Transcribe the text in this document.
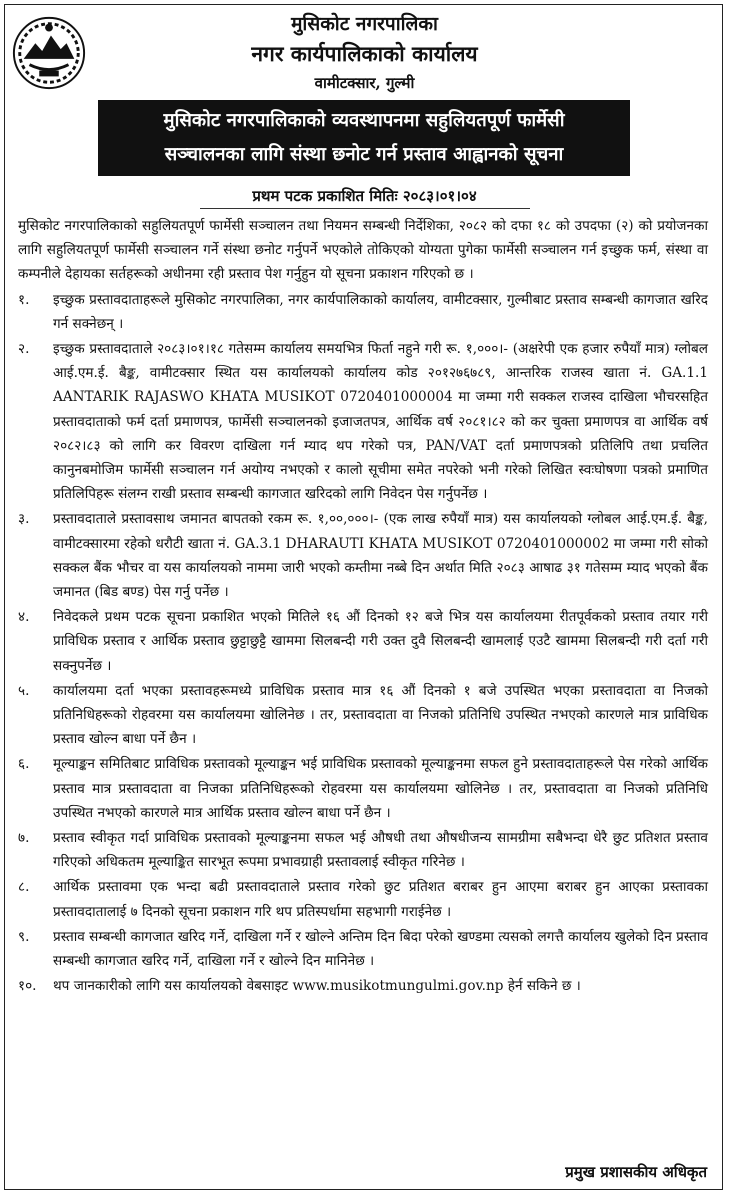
मुसिकोट नगरपालिका
नगर कार्यपालिकाको कार्यालय
वामीटक्सार, गुल्मी
मुसिकोट नगरपालिकाको व्यवस्थापनमा सहुलियतपूर्ण फार्मेसी
सञ्चालनका लागि संस्था छनोट गर्न प्रस्ताव आह्वानको सूचना
प्रथम पटक प्रकाशित मितिः २०८३।०१।०४

मुसिकोट नगरपालिकाको सहुलियतपूर्ण फार्मेसी सञ्चालन तथा नियमन सम्बन्धी निर्देशिका, २०८२ को दफा १८ को उपदफा (२) को प्रयोजनका लागि सहुलियतपूर्ण फार्मेसी सञ्चालन गर्ने संस्था छनोट गर्नुपर्ने भएकोले तोकिएको योग्यता पुगेका फार्मेसी सञ्चालन गर्न इच्छुक फर्म, संस्था वा कम्पनीले देहायका सर्तहरूको अधीनमा रही प्रस्ताव पेश गर्नुहुन यो सूचना प्रकाशन गरिएको छ ।

१.	इच्छुक प्रस्तावदाताहरूले मुसिकोट नगरपालिका, नगर कार्यपालिकाको कार्यालय, वामीटक्सार, गुल्मीबाट प्रस्ताव सम्बन्धी कागजात खरिद गर्न सक्नेछन् ।
२.	इच्छुक प्रस्तावदाताले २०८३।०१।१८ गतेसम्म कार्यालय समयभित्र फिर्ता नहुने गरी रू. १,०००।- (अक्षरेपी एक हजार रुपैयाँ मात्र) ग्लोबल आई.एम.ई. बैङ्क, वामीटक्सार स्थित यस कार्यालयको कार्यालय कोड २०१२७६७८९, आन्तरिक राजस्व खाता नं. GA.1.1 AANTARIK RAJASWO KHATA MUSIKOT 0720401000004 मा जम्मा गरी सक्कल राजस्व दाखिला भौचरसहित प्रस्तावदाताको फर्म दर्ता प्रमाणपत्र, फार्मेसी सञ्चालनको इजाजतपत्र, आर्थिक वर्ष २०८१।८२ को कर चुक्ता प्रमाणपत्र वा आर्थिक वर्ष २०८२।८३ को लागि कर विवरण दाखिला गर्न म्याद थप गरेको पत्र, PAN/VAT दर्ता प्रमाणपत्रको प्रतिलिपि तथा प्रचलित कानुनबमोजिम फार्मेसी सञ्चालन गर्न अयोग्य नभएको र कालो सूचीमा समेत नपरेको भनी गरेको लिखित स्वःघोषणा पत्रको प्रमाणित प्रतिलिपिहरू संलग्न राखी प्रस्ताव सम्बन्धी कागजात खरिदको लागि निवेदन पेस गर्नुपर्नेछ ।
३.	प्रस्तावदाताले प्रस्तावसाथ जमानत बापतको रकम रू. १,००,०००।- (एक लाख रुपैयाँ मात्र) यस कार्यालयको ग्लोबल आई.एम.ई. बैङ्क, वामीटक्सारमा रहेको धरौटी खाता नं. GA.3.1 DHARAUTI KHATA MUSIKOT 0720401000002 मा जम्मा गरी सोको सक्कल बैंक भौचर वा यस कार्यालयको नाममा जारी भएको कम्तीमा नब्बे दिन अर्थात मिति २०८३ आषाढ ३१ गतेसम्म म्याद भएको बैंक जमानत (बिड बण्ड) पेस गर्नु पर्नेछ ।
४.	निवेदकले प्रथम पटक सूचना प्रकाशित भएको मितिले १६ औं दिनको १२ बजे भित्र यस कार्यालयमा रीतपूर्वकको प्रस्ताव तयार गरी प्राविधिक प्रस्ताव र आर्थिक प्रस्ताव छुट्टाछुट्टै खाममा सिलबन्दी गरी उक्त दुवै सिलबन्दी खामलाई एउटै खाममा सिलबन्दी गरी दर्ता गरी सक्नुपर्नेछ ।
५.	कार्यालयमा दर्ता भएका प्रस्तावहरूमध्ये प्राविधिक प्रस्ताव मात्र १६ औं दिनको १ बजे उपस्थित भएका प्रस्तावदाता वा निजको प्रतिनिधिहरूको रोहवरमा यस कार्यालयमा खोलिनेछ । तर, प्रस्तावदाता वा निजको प्रतिनिधि उपस्थित नभएको कारणले मात्र प्राविधिक प्रस्ताव खोल्न बाधा पर्ने छैन ।
६.	मूल्याङ्कन समितिबाट प्राविधिक प्रस्तावको मूल्याङ्कन भई प्राविधिक प्रस्तावको मूल्याङ्कनमा सफल हुने प्रस्तावदाताहरूले पेस गरेको आर्थिक प्रस्ताव मात्र प्रस्तावदाता वा निजका प्रतिनिधिहरूको रोहवरमा यस कार्यालयमा खोलिनेछ । तर, प्रस्तावदाता वा निजको प्रतिनिधि उपस्थित नभएको कारणले मात्र आर्थिक प्रस्ताव खोल्न बाधा पर्ने छैन ।
७.	प्रस्ताव स्वीकृत गर्दा प्राविधिक प्रस्तावको मूल्याङ्कनमा सफल भई औषधी तथा औषधीजन्य सामग्रीमा सबैभन्दा धेरै छुट प्रतिशत प्रस्ताव गरिएको अधिकतम मूल्याङ्कित सारभूत रूपमा प्रभावग्राही प्रस्तावलाई स्वीकृत गरिनेछ ।
८.	आर्थिक प्रस्तावमा एक भन्दा बढी प्रस्तावदाताले प्रस्ताव गरेको छुट प्रतिशत बराबर हुन आएमा बराबर हुन आएका प्रस्तावका प्रस्तावदातालाई ७ दिनको सूचना प्रकाशन गरि थप प्रतिस्पर्धामा सहभागी गराईनेछ ।
९.	प्रस्ताव सम्बन्धी कागजात खरिद गर्ने, दाखिला गर्ने र खोल्ने अन्तिम दिन बिदा परेको खण्डमा त्यसको लगत्तै कार्यालय खुलेको दिन प्रस्ताव सम्बन्धी कागजात खरिद गर्ने, दाखिला गर्ने र खोल्ने दिन मानिनेछ ।
१०.	थप जानकारीको लागि यस कार्यालयको वेबसाइट www.musikotmungulmi.gov.np हेर्न सकिने छ ।
प्रमुख प्रशासकीय अधिकृत
